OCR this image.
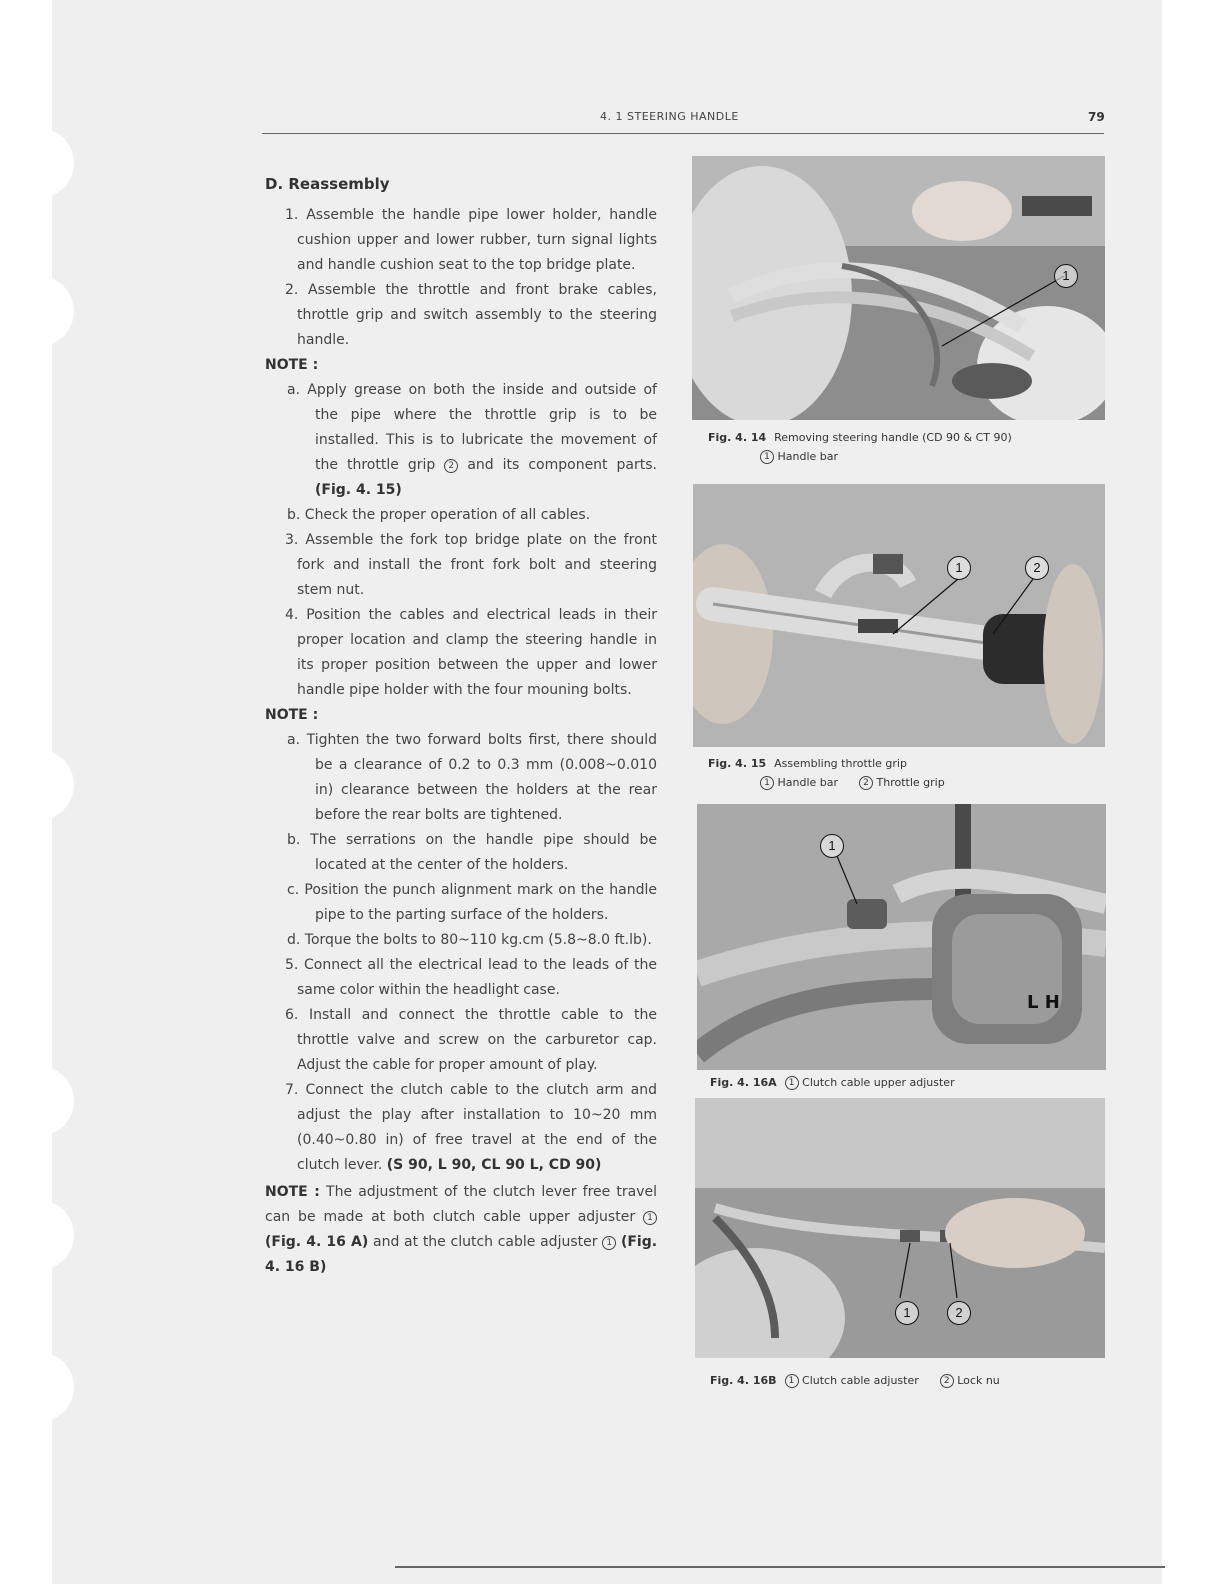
4. 1 STEERING HANDLE	79
D. Reassembly
1. Assemble the handle pipe lower holder, handle cushion upper and lower rubber, turn signal lights and handle cushion seat to the top bridge plate.
2. Assemble the throttle and front brake cables, throttle grip and switch assembly to the steering handle.
NOTE :
a. Apply grease on both the inside and outside of the pipe where the throttle grip is to be installed. This is to lubricate the movement of the throttle grip 2 and its component parts. (Fig. 4. 15)
b. Check the proper operation of all cables.
3. Assemble the fork top bridge plate on the front fork and install the front fork bolt and steering stem nut.
4. Position the cables and electrical leads in their proper location and clamp the steering handle in its proper position between the upper and lower handle pipe holder with the four mouning bolts.
NOTE :
a. Tighten the two forward bolts first, there should be a clearance of 0.2 to 0.3 mm (0.008~0.010 in) clearance between the holders at the rear before the rear bolts are tightened.
b. The serrations on the handle pipe should be located at the center of the holders.
c. Position the punch alignment mark on the handle pipe to the parting surface of the holders.
d. Torque the bolts to 80~110 kg.cm (5.8~8.0 ft.lb).
5. Connect all the electrical lead to the leads of the same color within the headlight case.
6. Install and connect the throttle cable to the throttle valve and screw on the carburetor cap. Adjust the cable for proper amount of play.
7. Connect the clutch cable to the clutch arm and adjust the play after installation to 10~20 mm (0.40~0.80 in) of free travel at the end of the clutch lever. (S 90, L 90, CL 90 L, CD 90)
NOTE : The adjustment of the clutch lever free travel can be made at both clutch cable upper adjuster 1 (Fig. 4. 16 A) and at the clutch cable adjuster 1 (Fig. 4. 16 B)
1
Fig. 4. 14 Removing steering handle (CD 90 & CT 90)
1 Handle bar
1	2
Fig. 4. 15 Assembling throttle grip
1 Handle bar	2 Throttle grip
L H
1
Fig. 4. 16A 1 Clutch cable upper adjuster
1	2
Fig. 4. 16B 1 Clutch cable adjuster	2 Lock nu
